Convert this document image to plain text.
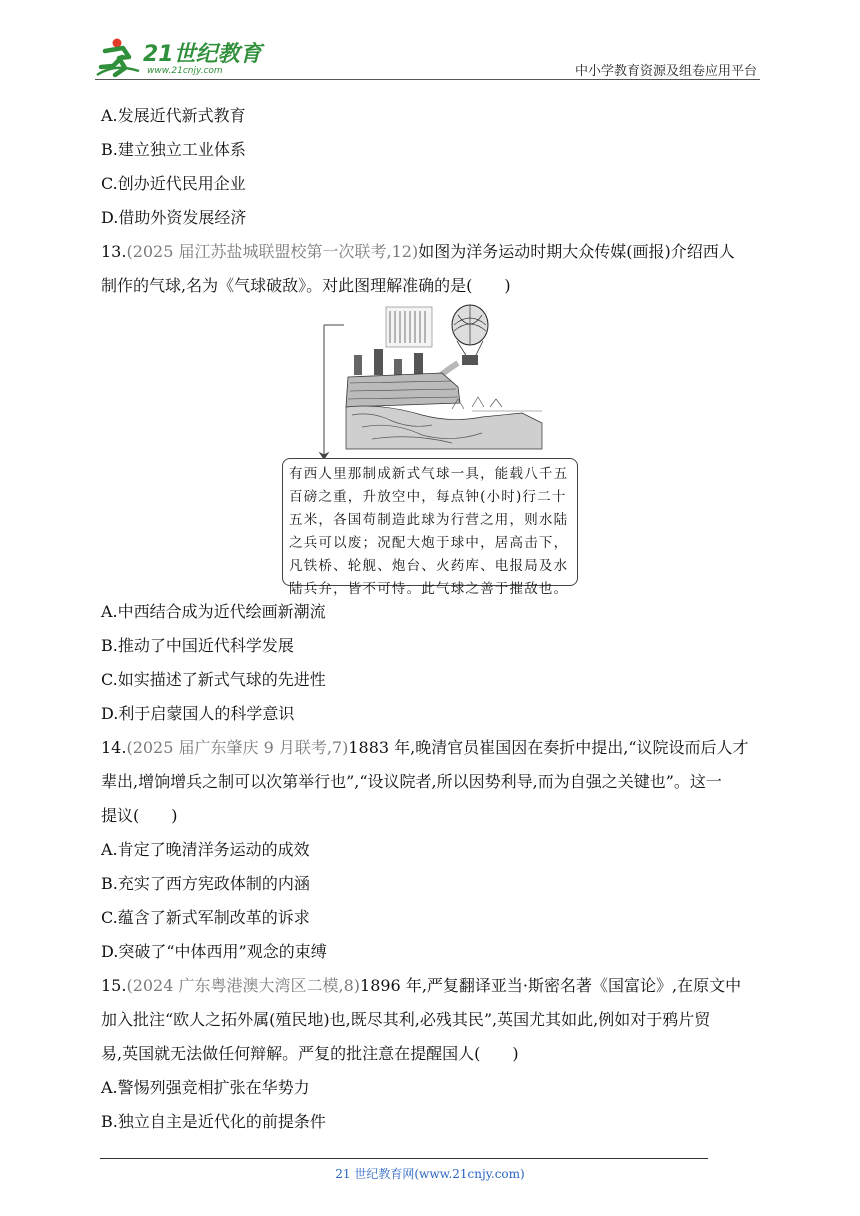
21世纪教育
www.21cnjy.com	中小学教育资源及组卷应用平台
A.发展近代新式教育
B.建立独立工业体系
C.创办近代民用企业
D.借助外资发展经济
13.(2025 届江苏盐城联盟校第一次联考,12)如图为洋务运动时期大众传媒(画报)介绍西人
制作的气球,名为《气球破敌》。对此图理解准确的是(　　)
有西人里那制成新式气球一具，能载八千五
百磅之重，升放空中，每点钟(小时)行二十
五米，各国苟制造此球为行营之用，则水陆
之兵可以废；况配大炮于球中，居高击下，
凡铁桥、轮舰、炮台、火药库、电报局及水
陆兵弁，皆不可恃。此气球之善于摧敌也。
A.中西结合成为近代绘画新潮流
B.推动了中国近代科学发展
C.如实描述了新式气球的先进性
D.利于启蒙国人的科学意识
14.(2025 届广东肇庆 9 月联考,7)1883 年,晚清官员崔国因在奏折中提出,“议院设而后人才
辈出,增饷增兵之制可以次第举行也”,“设议院者,所以因势利导,而为自强之关键也”。这一
提议(　　)
A.肯定了晚清洋务运动的成效
B.充实了西方宪政体制的内涵
C.蕴含了新式军制改革的诉求
D.突破了“中体西用”观念的束缚
15.(2024 广东粤港澳大湾区二模,8)1896 年,严复翻译亚当·斯密名著《国富论》,在原文中
加入批注“欧人之拓外属(殖民地)也,既尽其利,必残其民”,英国尤其如此,例如对于鸦片贸
易,英国就无法做任何辩解。严复的批注意在提醒国人(　　)
A.警惕列强竞相扩张在华势力
B.独立自主是近代化的前提条件
21 世纪教育网(www.21cnjy.com)
